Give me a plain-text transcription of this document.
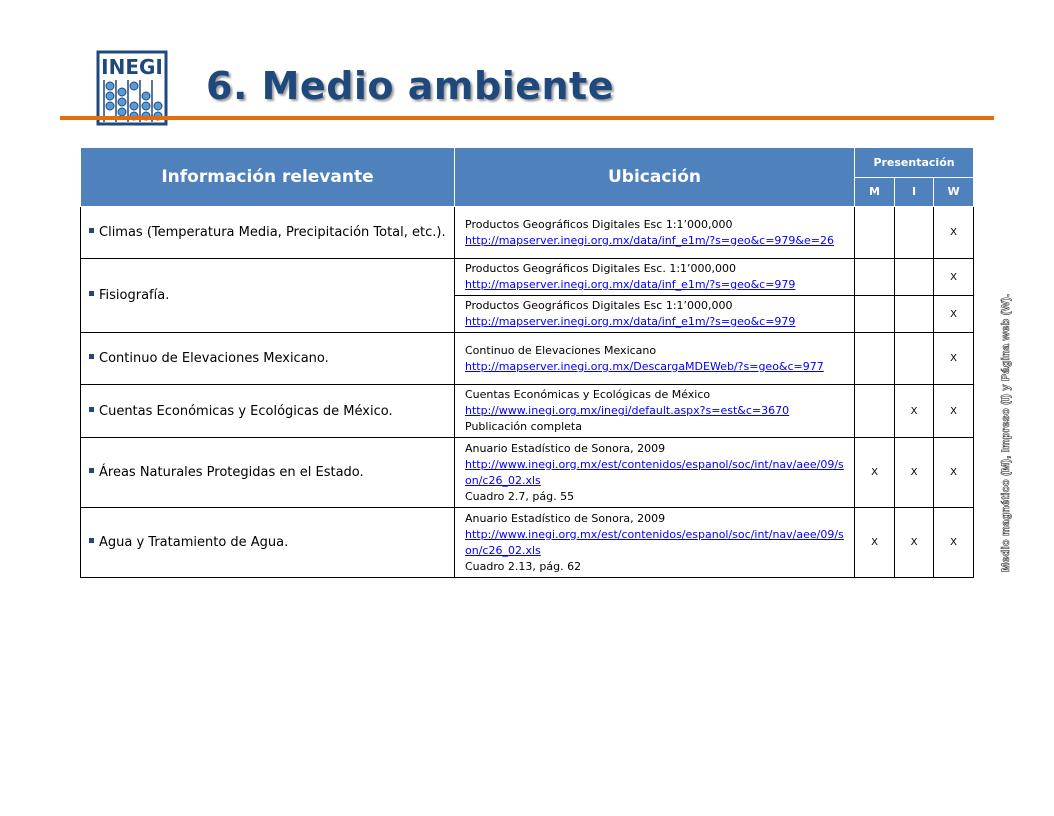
INEGI 6. Medio ambiente
Información relevante	Ubicación	Presentación		
		M	I	W
Climas (Temperatura Media, Precipitación Total, etc.).	Productos Geográficos Digitales Esc 1:1’000,000
http://mapserver.inegi.org.mx/data/inf_e1m/?s=geo&c=979&e=26			X
Fisiografía.	Productos Geográficos Digitales Esc. 1:1’000,000
http://mapserver.inegi.org.mx/data/inf_e1m/?s=geo&c=979			X

	Productos Geográficos Digitales Esc 1:1’000,000
http://mapserver.inegi.org.mx/data/inf_e1m/?s=geo&c=979			X
Continuo de Elevaciones Mexicano.	Continuo de Elevaciones Mexicano
http://mapserver.inegi.org.mx/DescargaMDEWeb/?s=geo&c=977			X
Cuentas Económicas y Ecológicas de México.	Cuentas Económicas y Ecológicas de México
http://www.inegi.org.mx/inegi/default.aspx?s=est&c=3670
Publicación completa		X	X
Áreas Naturales Protegidas en el Estado.	Anuario Estadístico de Sonora, 2009
http://www.inegi.org.mx/est/contenidos/espanol/soc/int/nav/aee/09/son/c26_02.xls
Cuadro 2.7, pág. 55	X	X	X
Agua y Tratamiento de Agua.	Anuario Estadístico de Sonora, 2009
http://www.inegi.org.mx/est/contenidos/espanol/soc/int/nav/aee/09/son/c26_02.xls
Cuadro 2.13, pág. 62	X	X	X	Medio magnético (M), Impreso (I) y Página web (W).
